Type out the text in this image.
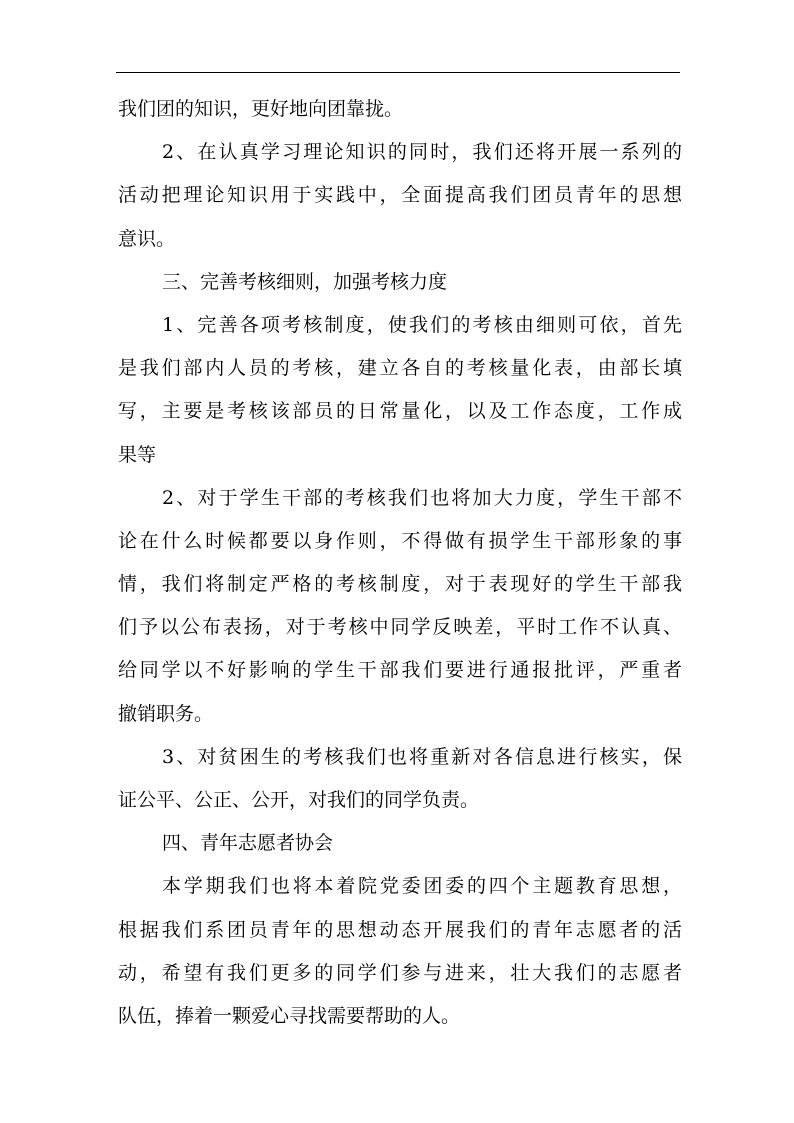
我们团的知识，更好地向团靠拢。
2、在认真学习理论知识的同时，我们还将开展一系列的
活动把理论知识用于实践中，全面提高我们团员青年的思想
意识。
三、完善考核细则，加强考核力度
1、完善各项考核制度，使我们的考核由细则可依，首先
是我们部内人员的考核，建立各自的考核量化表，由部长填
写，主要是考核该部员的日常量化，以及工作态度，工作成
果等
2、对于学生干部的考核我们也将加大力度，学生干部不
论在什么时候都要以身作则，不得做有损学生干部形象的事
情，我们将制定严格的考核制度，对于表现好的学生干部我
们予以公布表扬，对于考核中同学反映差，平时工作不认真、
给同学以不好影响的学生干部我们要进行通报批评，严重者
撤销职务。
3、对贫困生的考核我们也将重新对各信息进行核实，保
证公平、公正、公开，对我们的同学负责。
四、青年志愿者协会
本学期我们也将本着院党委团委的四个主题教育思想，
根据我们系团员青年的思想动态开展我们的青年志愿者的活
动，希望有我们更多的同学们参与进来，壮大我们的志愿者
队伍，捧着一颗爱心寻找需要帮助的人。
